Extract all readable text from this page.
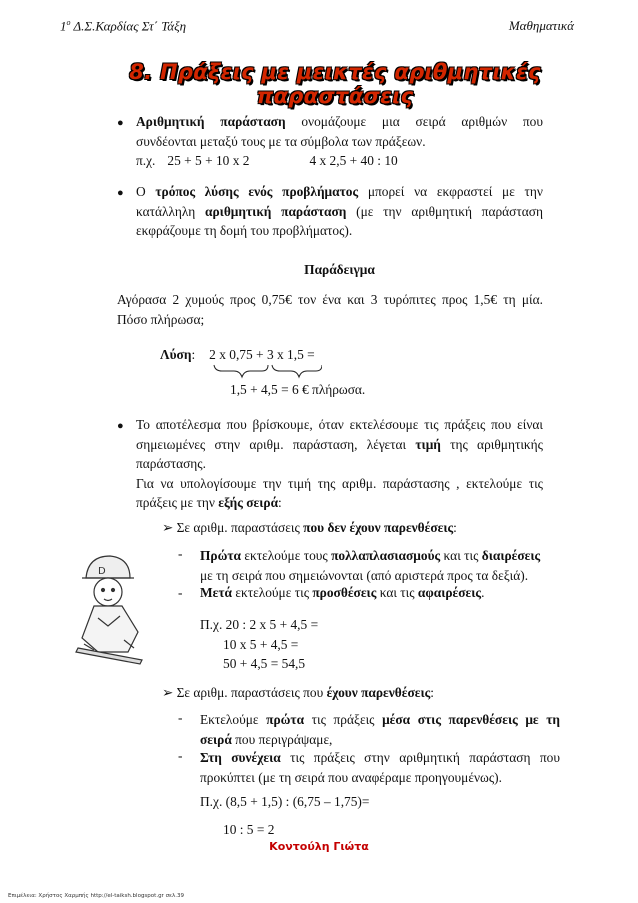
$1^o$ Δ.Σ.Καρδίας Στ΄ Τάξη	Μαθηματικά
8. Πράξεις με μεικτές αριθμητικές παραστάσεις
● Αριθμητική παράσταση ονομάζουμε μια σειρά αριθμών που
συνδέονται μεταξύ τους με τα σύμβολα των πράξεων.
π.χ. 25 + 5 + 10 x 2	4 x 2,5 + 40 : 10
● Ο τρόπος λύσης ενός προβλήματος μπορεί να εκφραστεί με την
κατάλληλη αριθμητική παράσταση (με την αριθμητική παράσταση
εκφράζουμε τη δομή του προβλήματος).
Παράδειγμα
Αγόρασα 2 χυμούς προς 0,75€ τον ένα και 3 τυρόπιτες προς 1,5€ τη μία.
Πόσο πλήρωσα;
Λύση: 2 x 0,75 + 3 x 1,5 =
1,5 + 4,5 = 6 € πλήρωσα.
● Το αποτέλεσμα που βρίσκουμε, όταν εκτελέσουμε τις πράξεις που είναι
σημειωμένες στην αριθμ. παράσταση, λέγεται τιμή της αριθμητικής
παράστασης.
Για να υπολογίσουμε την τιμή της αριθμ. παράστασης , εκτελούμε τις
πράξεις με την εξής σειρά:
D
➢ Σε αριθμ. παραστάσεις που δεν έχουν παρενθέσεις:
- Πρώτα εκτελούμε τους πολλαπλασιασμούς και τις διαιρέσεις
με τη σειρά που σημειώνονται (από αριστερά προς τα δεξιά).
- Μετά εκτελούμε τις προσθέσεις και τις αφαιρέσεις.
Π.χ. 20 : 2 x 5 + 4,5 =
10 x 5 + 4,5 =
50 + 4,5 = 54,5
➢ Σε αριθμ. παραστάσεις που έχουν παρενθέσεις:
- Εκτελούμε πρώτα τις πράξεις μέσα στις παρενθέσεις με τη
σειρά που περιγράψαμε,
- Στη συνέχεια τις πράξεις στην αριθμητική παράσταση που
προκύπτει (με τη σειρά που αναφέραμε προηγουμένως).
Π.χ. (8,5 + 1,5) : (6,75 – 1,75)=
10 : 5 = 2
Κοντούλη Γιώτα
Επιμέλεια: Χρήστος Χαρμπής http://el-taiksh.blogspot.gr σελ.39
